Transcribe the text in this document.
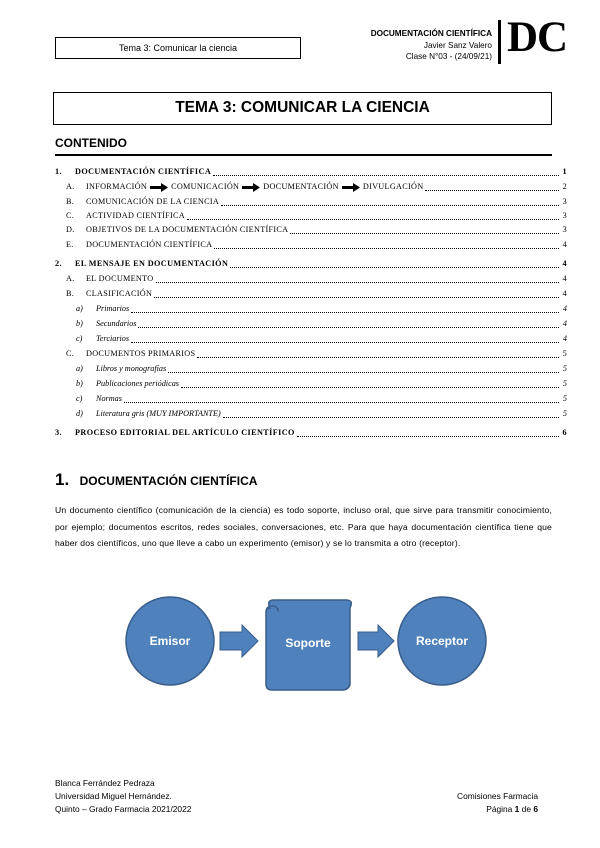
Tema 3: Comunicar la ciencia
DOCUMENTACIÓN CIENTÍFICA
Javier Sanz Valero
Clase N°03 - (24/09/21) DC
TEMA 3: COMUNICAR LA CIENCIA
CONTENIDO
1. DOCUMENTACIÓN CIENTÍFICA	1
A. INFORMACIÓN	COMUNICACIÓN	DOCUMENTACIÓN	DIVULGACIÓN	2
B. COMUNICACIÓN DE LA CIENCIA	3
C. ACTIVIDAD CIENTÍFICA	3
D. OBJETIVOS DE LA DOCUMENTACIÓN CIENTÍFICA	3
E. DOCUMENTACIÓN CIENTÍFICA	4
2. EL MENSAJE EN DOCUMENTACIÓN	4
A. EL DOCUMENTO	4
B. CLASIFICACIÓN	4
a) Primarios	4
b) Secundarios	4
c) Terciarios	4
C. DOCUMENTOS PRIMARIOS	5
a) Libros y monografías	5
b) Publicaciones periódicas	5
c) Normas	5
d) Literatura gris (MUY IMPORTANTE)	5
3. PROCESO EDITORIAL DEL ARTÍCULO CIENTÍFICO	6
1. DOCUMENTACIÓN CIENTÍFICA
Un documento científico (comunicación de la ciencia) es todo soporte, incluso oral, que sirve para transmitir conocimiento, por ejemplo; documentos escritos, redes sociales, conversaciones, etc. Para que haya documentación científica tiene que haber dos científicos, uno que lleve a cabo un experimento (emisor) y se lo transmita a otro (receptor).
Emisor	Soporte	Receptor
Blanca Ferrández Pedraza
Universidad Miguel Hernández.
Quinto – Grado Farmacia 2021/2022
Comisiones Farmacia
Página 1 de 6
